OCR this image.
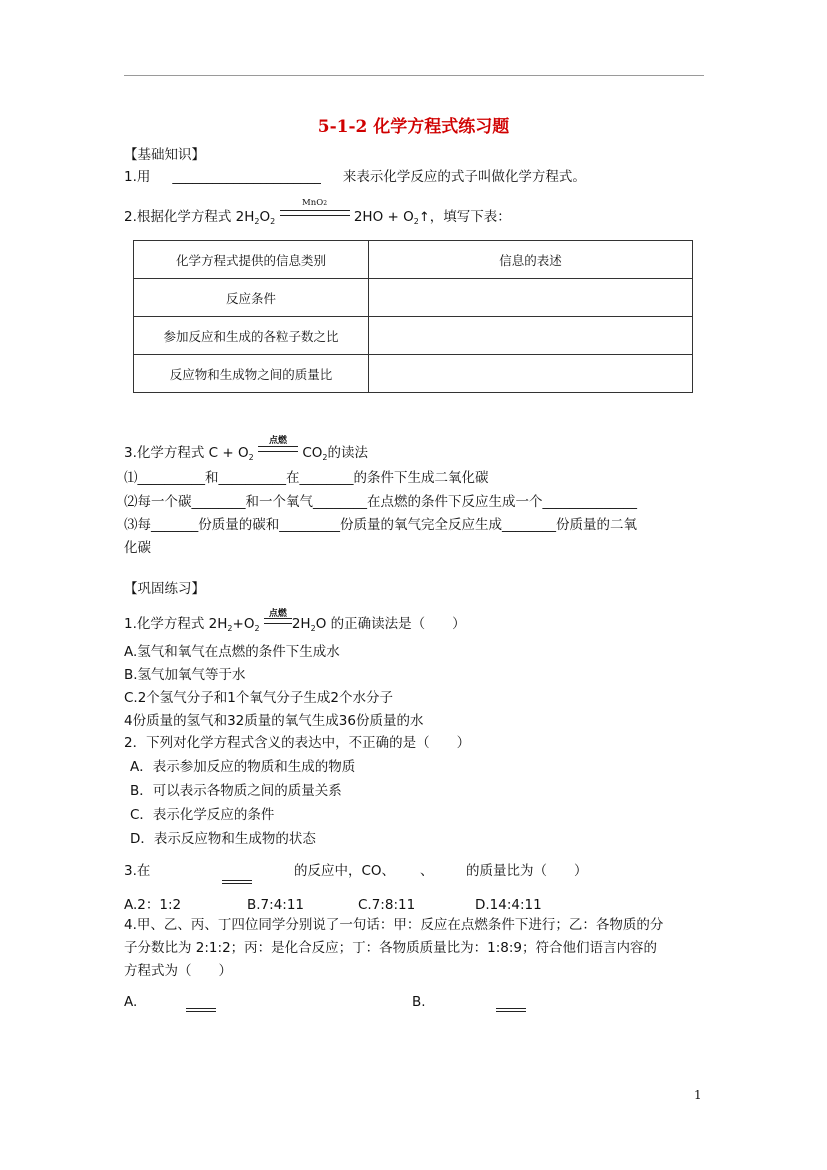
5-1-2 化学方程式练习题
【基础知识】
1.用 ______________________ 来表示化学反应的式子叫做化学方程式。
2.根据化学方程式 $2H_2O_2$
MnO2
$2HO + O_2↑$，填写下表：
化学方程式提供的信息类别	信息的表述
反应条件	
参加反应和生成的各粒子数之比	
反应物和生成物之间的质量比	
3.化学方程式 $C + O_2$
点燃
$CO_2$的读法
⑴__________和__________在________的条件下生成二氧化碳
⑵每一个碳________和一个氧气________在点燃的条件下反应生成一个______________
⑶每_______份质量的碳和_________份质量的氧气完全反应生成________份质量的二氧
化碳
【巩固练习】
1.化学方程式 $2H_2+O_2$
点燃
$2H_2O$ 的正确读法是（　　）
A.氢气和氧气在点燃的条件下生成水
B.氢气加氧气等于水
C.2个氢气分子和1个氧气分子生成2个水分子
4份质量的氢气和32质量的氧气生成36份质量的水
2．下列对化学方程式含义的表达中，不正确的是（　　）
A．表示参加反应的物质和生成的物质
B．可以表示各物质之间的质量关系
C．表示化学反应的条件
D．表示反应物和生成物的状态
3.在	的反应中，CO、 、 的质量比为（　　）
A.2：1:2	B.7:4:11	C.7:8:11	D.14:4:11
4.甲、乙、丙、丁四位同学分别说了一句话：甲：反应在点燃条件下进行；乙：各物质的分
子分数比为 2:1:2；丙：是化合反应；丁：各物质质量比为：1:8:9；符合他们语言内容的
方程式为（　　）
A.	B.
1
